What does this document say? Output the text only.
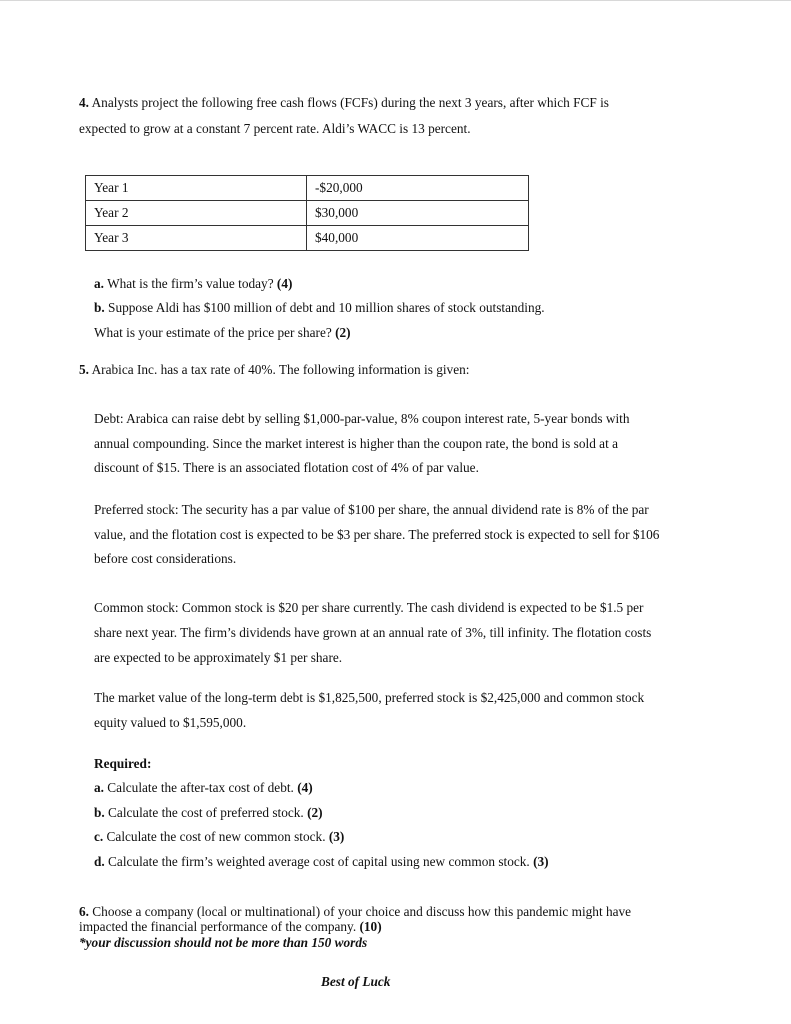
4. Analysts project the following free cash flows (FCFs) during the next 3 years, after which FCF is
expected to grow at a constant 7 percent rate. Aldi’s WACC is 13 percent.
Year 1	-$20,000
Year 2	$30,000
Year 3	$40,000
a. What is the firm’s value today? (4)
b. Suppose Aldi has $100 million of debt and 10 million shares of stock outstanding.
What is your estimate of the price per share? (2)
5. Arabica Inc. has a tax rate of 40%. The following information is given:
Debt: Arabica can raise debt by selling $1,000-par-value, 8% coupon interest rate, 5-year bonds with
annual compounding. Since the market interest is higher than the coupon rate, the bond is sold at a
discount of $15. There is an associated flotation cost of 4% of par value.
Preferred stock: The security has a par value of $100 per share, the annual dividend rate is 8% of the par
value, and the flotation cost is expected to be $3 per share. The preferred stock is expected to sell for $106
before cost considerations.
Common stock: Common stock is $20 per share currently. The cash dividend is expected to be $1.5 per
share next year. The firm’s dividends have grown at an annual rate of 3%, till infinity. The flotation costs
are expected to be approximately $1 per share.
The market value of the long-term debt is $1,825,500, preferred stock is $2,425,000 and common stock
equity valued to $1,595,000.
Required:
a. Calculate the after-tax cost of debt. (4)
b. Calculate the cost of preferred stock. (2)
c. Calculate the cost of new common stock. (3)
d. Calculate the firm’s weighted average cost of capital using new common stock. (3)
6. Choose a company (local or multinational) of your choice and discuss how this pandemic might have
impacted the financial performance of the company. (10)
*your discussion should not be more than 150 words
Best of Luck
